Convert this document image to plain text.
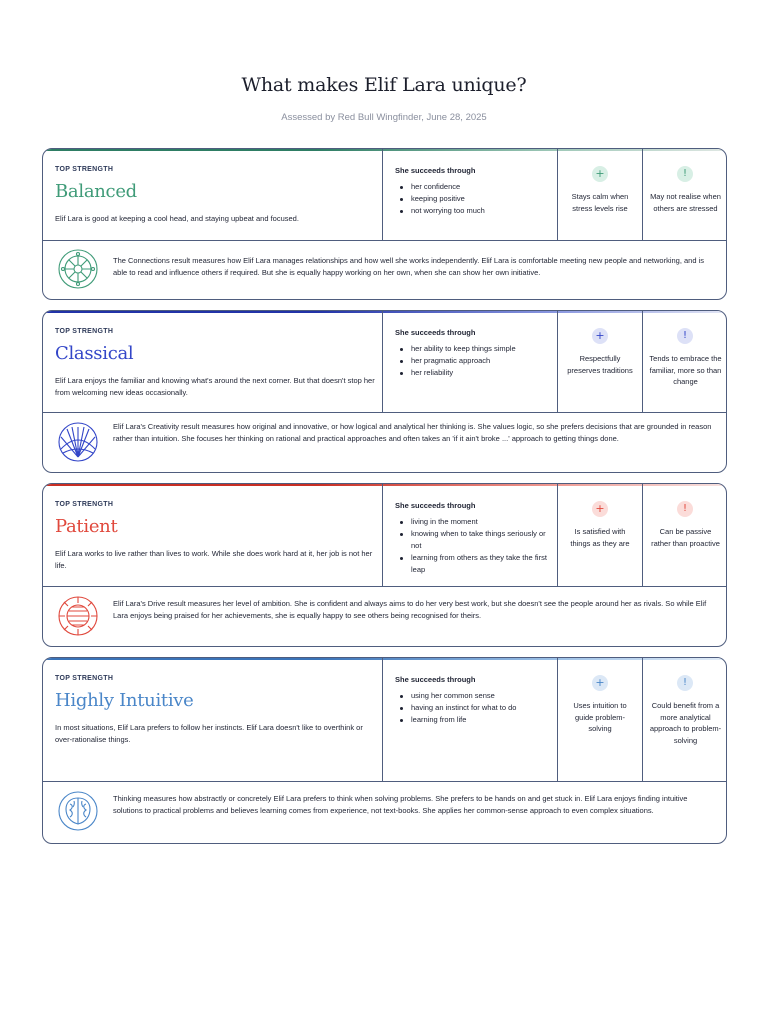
What makes Elif Lara unique?
Assessed by Red Bull Wingfinder, June 28, 2025
TOP STRENGTH
Balanced
Elif Lara is good at keeping a cool head, and staying upbeat and focused.
She succeeds through
her confidence
keeping positive
not worrying too much
+
Stays calm when stress levels rise
!
May not realise when others are stressed
The Connections result measures how Elif Lara manages relationships and how well she works independently. Elif Lara is comfortable meeting new people and networking, and is able to read and influence others if required. But she is equally happy working on her own, when she can show her own initiative.
TOP STRENGTH
Classical
Elif Lara enjoys the familiar and knowing what's around the next corner. But that doesn't stop her from welcoming new ideas occasionally.
She succeeds through
her ability to keep things simple
her pragmatic approach
her reliability
+
Respectfully preserves traditions
!
Tends to embrace the familiar, more so than change
Elif Lara's Creativity result measures how original and innovative, or how logical and analytical her thinking is. She values logic, so she prefers decisions that are grounded in reason rather than intuition. She focuses her thinking on rational and practical approaches and often takes an 'if it ain't broke ...' approach to getting things done.
TOP STRENGTH
Patient
Elif Lara works to live rather than lives to work. While she does work hard at it, her job is not her life.
She succeeds through
living in the moment
knowing when to take things seriously or not
learning from others as they take the first leap
+
Is satisfied with things as they are
!
Can be passive rather than proactive
Elif Lara's Drive result measures her level of ambition. She is confident and always aims to do her very best work, but she doesn't see the people around her as rivals. So while Elif Lara enjoys being praised for her achievements, she is equally happy to see others being recognised for theirs.
TOP STRENGTH
Highly Intuitive
In most situations, Elif Lara prefers to follow her instincts. Elif Lara doesn't like to overthink or over-rationalise things.
She succeeds through
using her common sense
having an instinct for what to do
learning from life
+
Uses intuition to guide problem-solving
!
Could benefit from a more analytical approach to problem-solving
Thinking measures how abstractly or concretely Elif Lara prefers to think when solving problems. She prefers to be hands on and get stuck in. Elif Lara enjoys finding intuitive solutions to practical problems and believes learning comes from experience, not text-books. She applies her common-sense approach to even complex situations.
